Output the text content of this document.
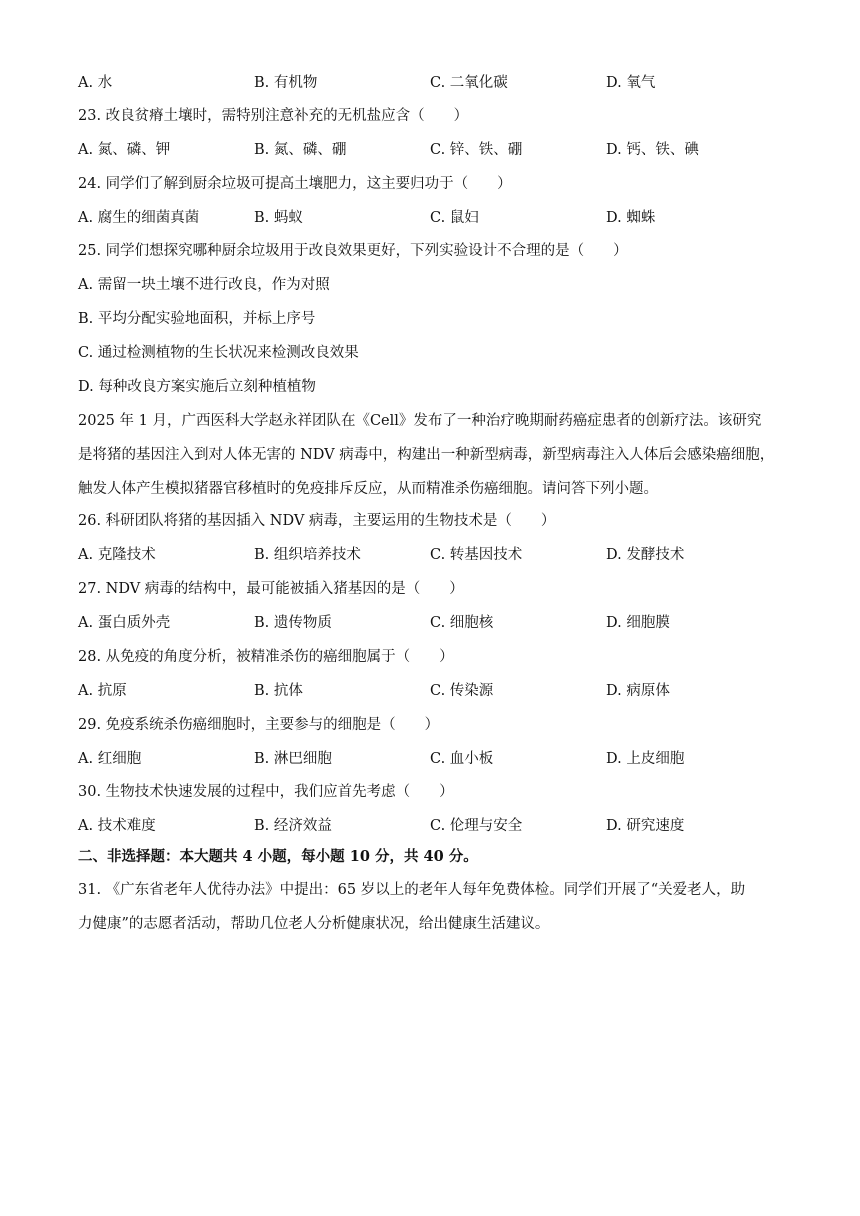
A. 水	B. 有机物	C. 二氧化碳	D. 氧气
23. 改良贫瘠土壤时，需特别注意补充的无机盐应含（　　）
A. 氮、磷、钾	B. 氮、磷、硼	C. 锌、铁、硼	D. 钙、铁、碘
24. 同学们了解到厨余垃圾可提高土壤肥力，这主要归功于（　　）
A. 腐生的细菌真菌	B. 蚂蚁	C. 鼠妇	D. 蜘蛛
25. 同学们想探究哪种厨余垃圾用于改良效果更好，下列实验设计不合理的是（　　）
A. 需留一块土壤不进行改良，作为对照
B. 平均分配实验地面积，并标上序号
C. 通过检测植物的生长状况来检测改良效果
D. 每种改良方案实施后立刻种植植物
2025 年 1 月，广西医科大学赵永祥团队在《Cell》发布了一种治疗晚期耐药癌症患者的创新疗法。该研究
是将猪的基因注入到对人体无害的 NDV 病毒中，构建出一种新型病毒，新型病毒注入人体后会感染癌细胞，
触发人体产生模拟猪器官移植时的免疫排斥反应，从而精准杀伤癌细胞。请问答下列小题。
26. 科研团队将猪的基因插入 NDV 病毒，主要运用的生物技术是（　　）
A. 克隆技术	B. 组织培养技术	C. 转基因技术	D. 发酵技术
27. NDV 病毒的结构中，最可能被插入猪基因的是（　　）
A. 蛋白质外壳	B. 遗传物质	C. 细胞核	D. 细胞膜
28. 从免疫的角度分析，被精准杀伤的癌细胞属于（　　）
A. 抗原	B. 抗体	C. 传染源	D. 病原体
29. 免疫系统杀伤癌细胞时，主要参与的细胞是（　　）
A. 红细胞	B. 淋巴细胞	C. 血小板	D. 上皮细胞
30. 生物技术快速发展的过程中，我们应首先考虑（　　）
A. 技术难度	B. 经济效益	C. 伦理与安全	D. 研究速度
二、非选择题：本大题共 4 小题，每小题 10 分，共 40 分。
31. 《广东省老年人优待办法》中提出：65 岁以上的老年人每年免费体检。同学们开展了“关爱老人，助
力健康”的志愿者活动，帮助几位老人分析健康状况，给出健康生活建议。
